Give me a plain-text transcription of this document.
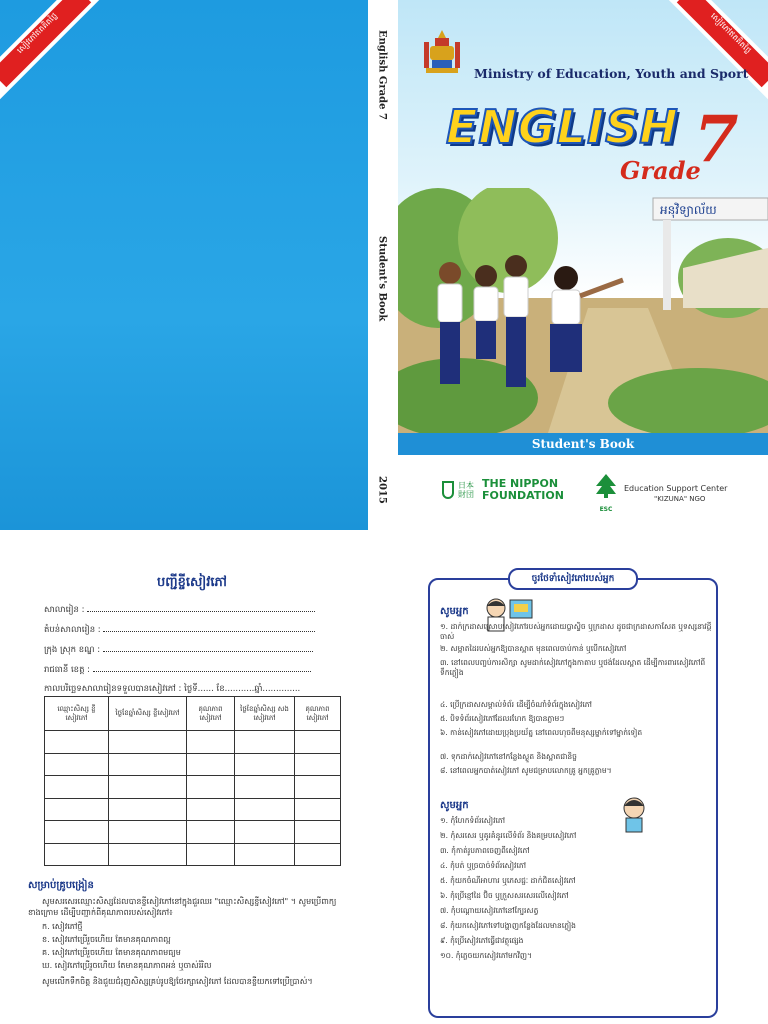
សៀវភៅឥតគិតថ្លៃ	English Grade 7
Student's Book
2015
សៀវភៅឥតគិតថ្លៃ
Ministry of Education, Youth and Sport
ENGLISH
Grade
7
អនុវិទ្យាល័យ
Student's Book
日本 財団
THE NIPPON
FOUNDATION
ESC
Education Support Center
"KIZUNA" NGO
បញ្ជីខ្ចីសៀវភៅ
សាលារៀន :
តំបន់សាលារៀន :
ក្រុង ស្រុក ខណ្ឌ :
រាជធានី ខេត្ត :
កាលបរិច្ឆេទសាលារៀនទទួលបានសៀវភៅ : ថ្ងៃទី...... ខែ...........ឆ្នាំ..............
ឈ្មោះសិស្ស ខ្ចីសៀវភៅ	ថ្ងៃខែឆ្នាំសិស្ស ខ្ចីសៀវភៅ	គុណភាព សៀវភៅ	ថ្ងៃខែឆ្នាំសិស្ស សងសៀវភៅ	គុណភាព សៀវភៅ

សម្រាប់គ្រូបង្រៀន
សូមសរសេរឈ្មោះសិស្សដែលបានខ្ចីសៀវភៅនៅក្នុងជួរឈរ "ឈ្មោះសិស្សខ្ចីសៀវភៅ" ។ សូមប្រើពាក្យខាងក្រោម ដើម្បីបញ្ជាក់ពីគុណភាពរបស់សៀវភៅ៖
ក. សៀវភៅថ្មី
ខ. សៀវភៅប្រើរួចហើយ តែមានគុណភាពល្អ
គ. សៀវភៅប្រើរួចហើយ តែមានគុណភាពមធ្យម
ឃ. សៀវភៅប្រើរួចហើយ តែមានគុណភាពអន់ ឬចាស់រំរិល
សូមលើកទឹកចិត្ត និងជួយជំរុញសិស្សគ្រប់រូបឱ្យថែរក្សាសៀវភៅ ដែលបានខ្ចីយកទៅប្រើប្រាស់។
ចូរថែទាំសៀវភៅរបស់អ្នក
សូមអ្នក
១. ដាក់ក្រដាសស្រោបសៀវភៅរបស់អ្នកដោយប្លាស្ទិច ឬក្រដាស ដូចជាក្រដាសកាសែត ឬទស្សនាវដ្តីចាស់
២. សម្អាតដៃរបស់អ្នកឱ្យបានស្អាត មុនពេលចាប់កាន់ ឬបើកសៀវភៅ
៣. នៅពេលបញ្ចប់ការសិក្សា សូមដាក់សៀវភៅក្នុងកាតាប ឬថង់ដែលស្អាត ដើម្បីការពារសៀវភៅពីទឹកភ្លៀង
៤. ប្រើក្រដាសសម្គាល់ទំព័រ ដើម្បីចំណាំទំព័រក្នុងសៀវភៅ
៥. បិទទំព័រសៀវភៅដែលរហែក ឱ្យបានភ្លាមៗ
៦. កាន់សៀវភៅដោយប្រុងប្រយ័ត្ន នៅពេលហុចពីមនុស្សម្នាក់ទៅម្នាក់ទៀត
៧. ទុកដាក់សៀវភៅនៅកន្លែងស្ងួត និងស្អាតជានិច្ច
៨. នៅពេលអ្នកបាត់សៀវភៅ សូមជម្រាបលោកគ្រូ អ្នកគ្រូភ្លាម។
សូមអ្នក
១. កុំហែកទំព័រសៀវភៅ
២. កុំសរសេរ ឬគូរគំនូរលើទំព័រ និងគម្របសៀវភៅ
៣. កុំកាត់រូបភាពចេញពីសៀវភៅ
៤. កុំបត់ ឬច្របាច់ទំព័រសៀវភៅ
៥. កុំយកចំណីអាហារ ឬភេសជ្ជៈ ដាក់ជិតសៀវភៅ
៦. កុំប្រើខ្មៅដៃ ប៊ិច ឬក្រួសសរសេរលើសៀវភៅ
៧. កុំបណ្តោយសៀវភៅនៅក្បែរសត្វ
៨. កុំយកសៀវភៅទៅបង្ហាញកន្លែងដែលមានភ្លៀង
៩. កុំប្រើសៀវភៅធ្វើជាវត្ថុផ្សេង
១០. កុំភ្លេចយកសៀវភៅមកវិញ។
